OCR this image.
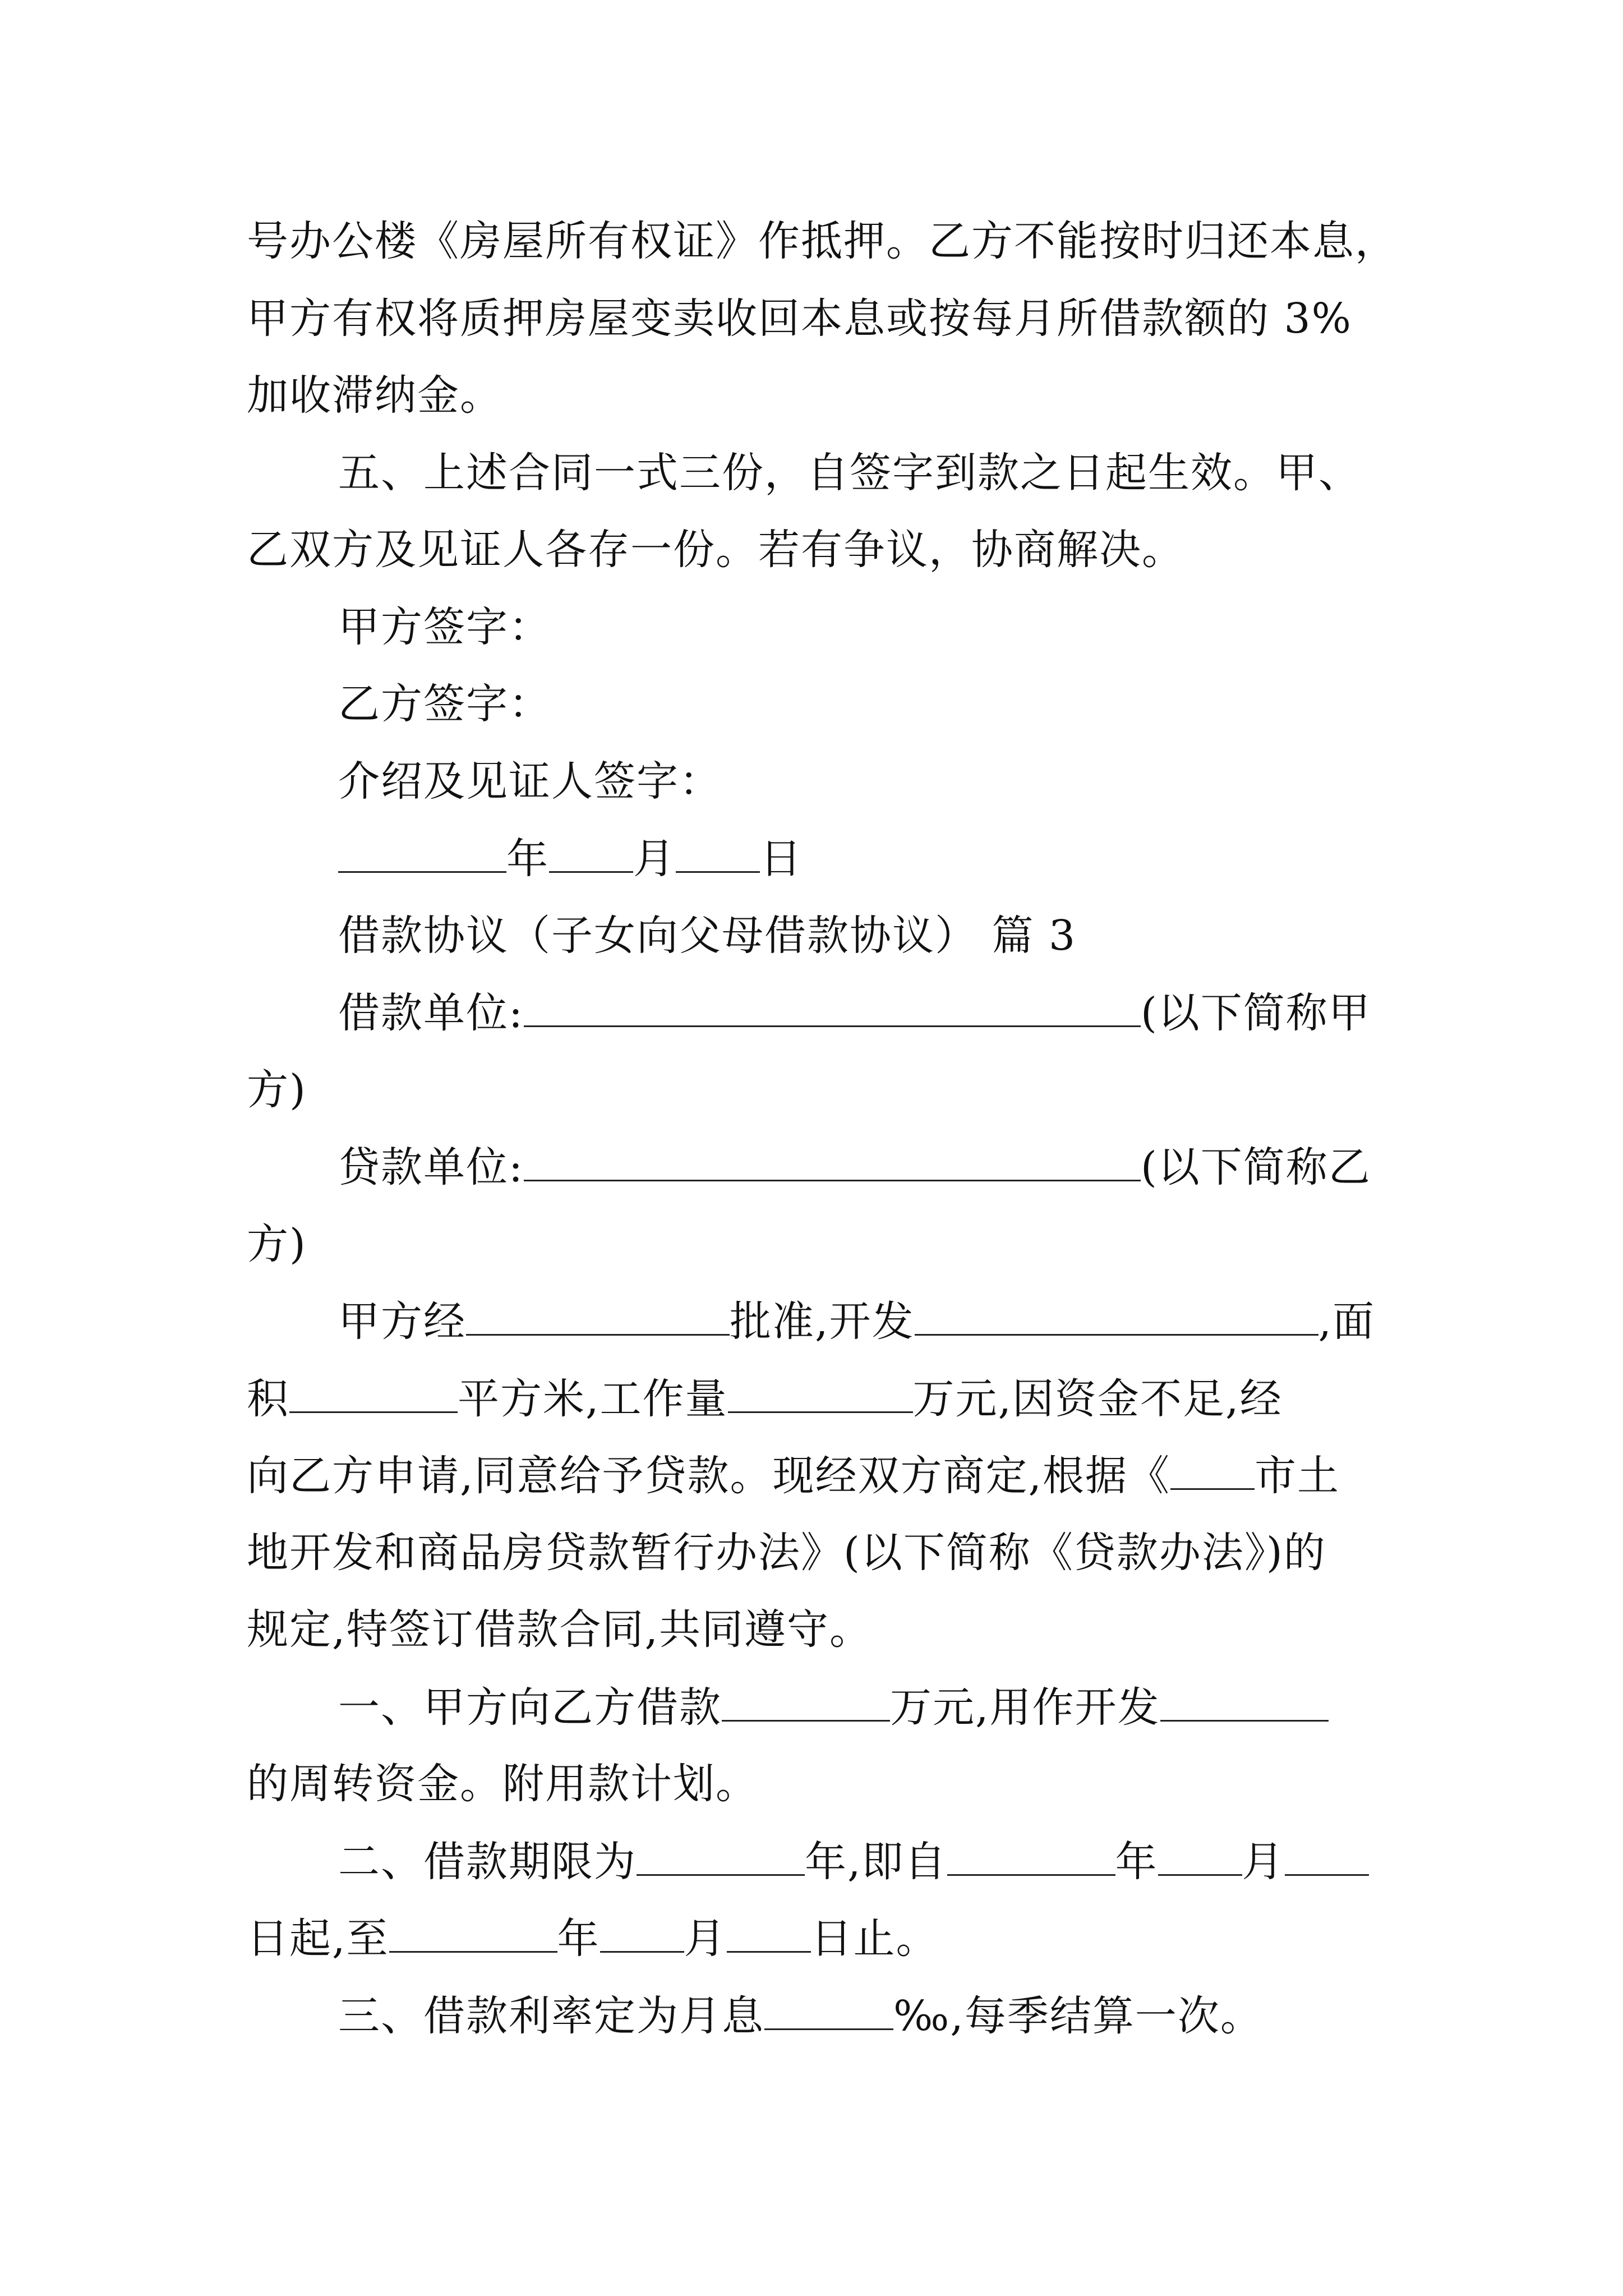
号办公楼《房屋所有权证》作抵押。乙方不能按时归还本息，
甲方有权将质押房屋变卖收回本息或按每月所借款额的 3%
加收滞纳金。
五、上述合同一式三份，自签字到款之日起生效。甲、
乙双方及见证人各存一份。若有争议，协商解决。
甲方签字：
乙方签字：
介绍及见证人签字：
年 月 日
借款协议（子女向父母借款协议） 篇 3
借款单位:	(以下简称甲
方)
贷款单位:	(以下简称乙
方)
甲方经	批准,开发	,面
积	平方米,工作量	万元,因资金不足,经
向乙方申请,同意给予贷款。现经双方商定,根据《 市土
地开发和商品房贷款暂行办法》(以下简称《贷款办法》)的
规定,特签订借款合同,共同遵守。
一、甲方向乙方借款	万元,用作开发
的周转资金。附用款计划。
二、借款期限为	年,即自	年 月
日起,至	年 月 日止。
三、借款利率定为月息	‰,每季结算一次。
